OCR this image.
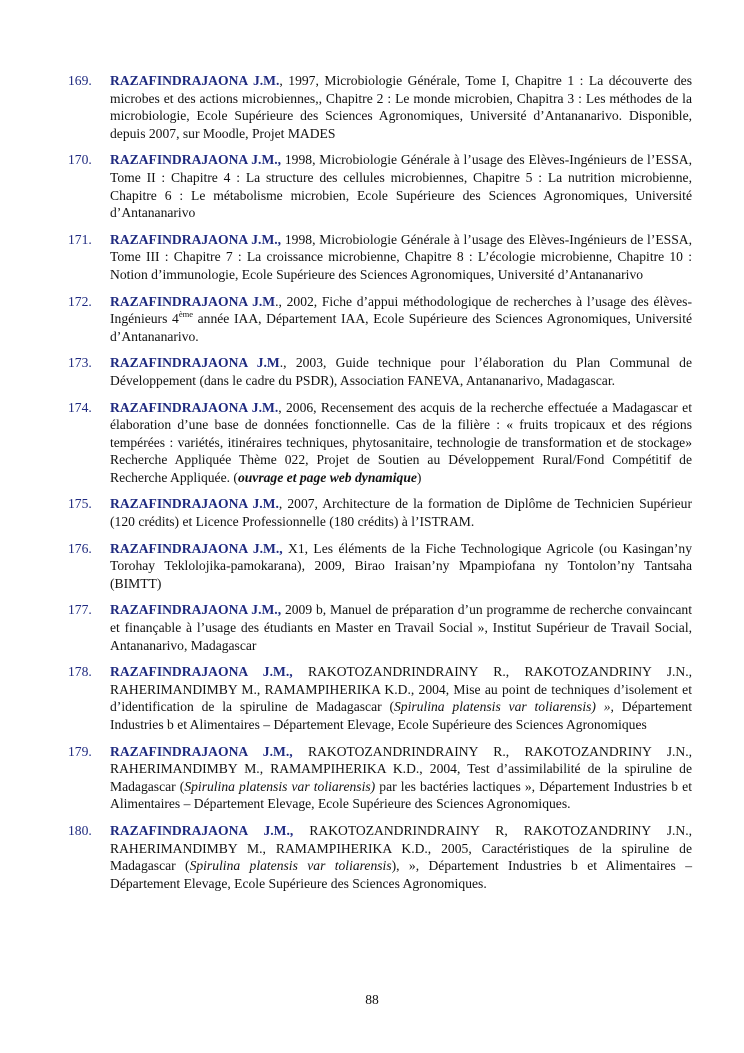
169.	RAZAFINDRAJAONA J.M., 1997, Microbiologie Générale, Tome I, Chapitre 1 : La découverte des microbes et des actions microbiennes,, Chapitre 2 : Le monde microbien, Chapitra 3 : Les méthodes de la microbiologie, Ecole Supérieure des Sciences Agronomiques, Université d’Antananarivo. Disponible, depuis 2007, sur Moodle, Projet MADES
170.	RAZAFINDRAJAONA J.M., 1998, Microbiologie Générale à l’usage des Elèves-Ingénieurs de l’ESSA, Tome II : Chapitre 4 : La structure des cellules microbiennes, Chapitre 5 : La nutrition microbienne, Chapitre 6 : Le métabolisme microbien, Ecole Supérieure des Sciences Agronomiques, Université d’Antananarivo
171.	RAZAFINDRAJAONA J.M., 1998, Microbiologie Générale à l’usage des Elèves-Ingénieurs de l’ESSA, Tome III : Chapitre 7 : La croissance microbienne, Chapitre 8 : L’écologie microbienne, Chapitre 10 : Notion d’immunologie, Ecole Supérieure des Sciences Agronomiques, Université d’Antananarivo
172.	RAZAFINDRAJAONA J.M., 2002, Fiche d’appui méthodologique de recherches à l’usage des élèves-Ingénieurs 4ème année IAA, Département IAA, Ecole Supérieure des Sciences Agronomiques, Université d’Antananarivo.
173.	RAZAFINDRAJAONA J.M., 2003, Guide technique pour l’élaboration du Plan Communal de Développement (dans le cadre du PSDR), Association FANEVA, Antananarivo, Madagascar.
174.	RAZAFINDRAJAONA J.M., 2006, Recensement des acquis de la recherche effectuée a Madagascar et élaboration d’une base de données fonctionnelle. Cas de la filière : « fruits tropicaux et des régions tempérées : variétés, itinéraires techniques, phytosanitaire, technologie de transformation et de stockage» Recherche Appliquée Thème 022, Projet de Soutien au Développement Rural/Fond Compétitif de Recherche Appliquée. (ouvrage et page web dynamique)
175.	RAZAFINDRAJAONA J.M., 2007, Architecture de la formation de Diplôme de Technicien Supérieur (120 crédits) et Licence Professionnelle (180 crédits) à l’ISTRAM.
176.	RAZAFINDRAJAONA J.M., X1, Les éléments de la Fiche Technologique Agricole (ou Kasingan’ny Torohay Teklolojika-pamokarana), 2009, Birao Iraisan’ny Mpampiofana ny Tontolon’ny Tantsaha (BIMTT)
177.	RAZAFINDRAJAONA J.M., 2009 b, Manuel de préparation d’un programme de recherche convaincant et finançable à l’usage des étudiants en Master en Travail Social », Institut Supérieur de Travail Social, Antananarivo, Madagascar
178.	RAZAFINDRAJAONA J.M., RAKOTOZANDRINDRAINY R., RAKOTOZANDRINY J.N., RAHERIMANDIMBY M., RAMAMPIHERIKA K.D., 2004, Mise au point de techniques d’isolement et d’identification de la spiruline de Madagascar (Spirulina platensis var toliarensis) », Département Industries b et Alimentaires – Département Elevage, Ecole Supérieure des Sciences Agronomiques
179.	RAZAFINDRAJAONA J.M., RAKOTOZANDRINDRAINY R., RAKOTOZANDRINY J.N., RAHERIMANDIMBY M., RAMAMPIHERIKA K.D., 2004, Test d’assimilabilité de la spiruline de Madagascar (Spirulina platensis var toliarensis) par les bactéries lactiques », Département Industries b et Alimentaires – Département Elevage, Ecole Supérieure des Sciences Agronomiques.
180.	RAZAFINDRAJAONA J.M., RAKOTOZANDRINDRAINY R, RAKOTOZANDRINY J.N., RAHERIMANDIMBY M., RAMAMPIHERIKA K.D., 2005, Caractéristiques de la spiruline de Madagascar (Spirulina platensis var toliarensis), », Département Industries b et Alimentaires – Département Elevage, Ecole Supérieure des Sciences Agronomiques.
88
